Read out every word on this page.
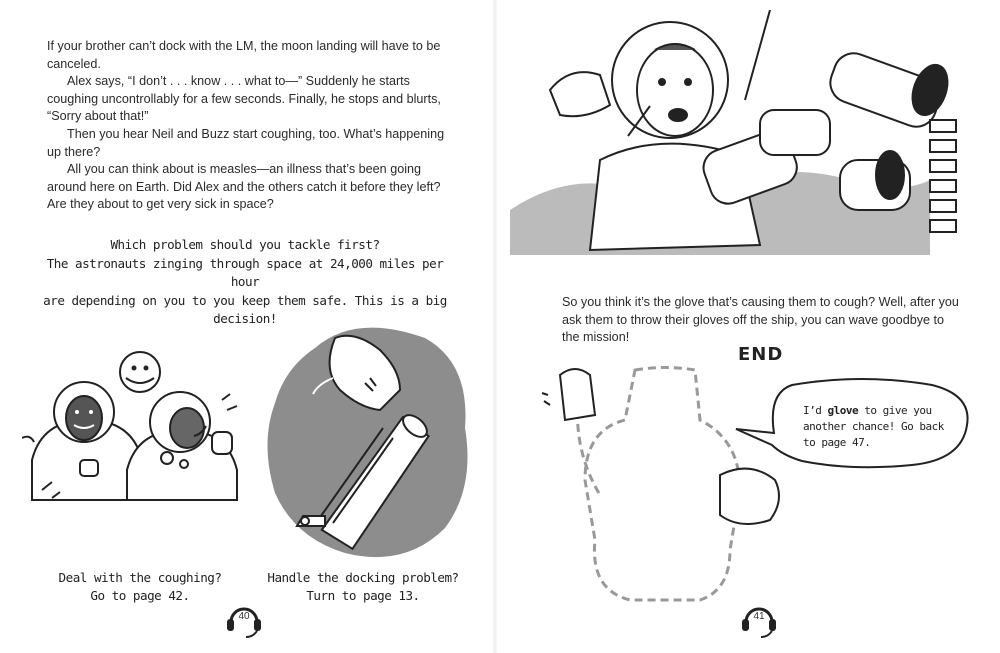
If your brother can’t dock with the LM, the moon landing will have to be canceled.

Alex says, “I don’t . . . know . . . what to—” Suddenly he starts coughing uncontrollably for a few seconds. Finally, he stops and blurts, “Sorry about that!”

Then you hear Neil and Buzz start coughing, too. What’s happening up there?

All you can think about is measles—an illness that’s been going around here on Earth. Did Alex and the others catch it before they left? Are they about to get very sick in space?

Which problem should you tackle first?
The astronauts zinging through space at 24,000 miles per hour
are depending on you to you keep them safe. This is a big decision!
Deal with the coughing?
Go to page 42.
Handle the docking problem?
Turn to page 13.
40
So you think it’s the glove that’s causing them to cough? Well, after you ask them to throw their gloves off the ship, you can wave goodbye to the mission!
END
I’d glove to give you another chance! Go back to page 47.
41
